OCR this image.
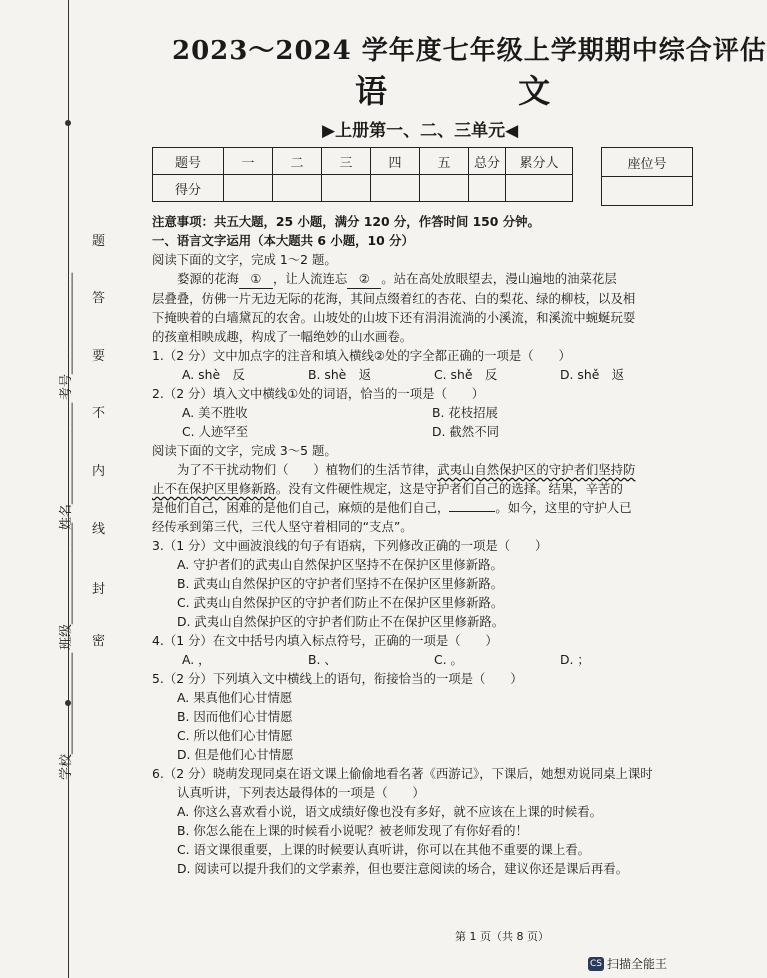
学校______________
班级______________
姓名______________
考号______________
密
封
线
内
不
要
答
题
2023～2024 学年度七年级上学期期中综合评估
语 文
▶上册第一、二、三单元◀
题号	一	二	三	四	五	总分	累分人
得分							
座位号

注意事项：共五大题，25 小题，满分 120 分，作答时间 150 分钟。

一、语言文字运用（本大题共 6 小题，10 分）

阅读下面的文字，完成 1～2 题。

婺源的花海 ① ，让人流连忘 ② 。站在高处放眼望去，漫山遍地的油菜花层

层叠叠，仿佛一片无边无际的花海，其间点缀着红的杏花、白的梨花、绿的柳枝，以及相

下掩映着的白墙黛瓦的农舍。山坡处的山坡下还有涓涓流淌的小溪流，和溪流中蜿蜒玩耍

的孩童相映成趣，构成了一幅绝妙的山水画卷。

1.（2 分）文中加点字的注音和填入横线②处的字全都正确的一项是（　　）

A. shè　反	B. shè　返	C. shě　反	D. shě　返

2.（2 分）填入文中横线①处的词语，恰当的一项是（　　）

A. 美不胜收	B. 花枝招展
C. 人迹罕至	D. 截然不同

阅读下面的文字，完成 3～5 题。

为了不干扰动物们（　　）植物们的生活节律，武夷山自然保护区的守护者们坚持防

止不在保护区里修新路。没有文件硬性规定，这是守护者们自己的选择。结果，辛苦的

是他们自己，困难的是他们自己，麻烦的是他们自己，	。如今，这里的守护人已

经传承到第三代，三代人坚守着相同的“支点”。

3.（1 分）文中画波浪线的句子有语病，下列修改正确的一项是（　　）

A. 守护者们的武夷山自然保护区坚持不在保护区里修新路。

B. 武夷山自然保护区的守护者们坚持不在保护区里修新路。

C. 武夷山自然保护区的守护者们防止不在保护区里修新路。

D. 武夷山自然保护区的守护者们防止不在保护区里修新路。

4.（1 分）在文中括号内填入标点符号，正确的一项是（　　）

A. ，	B. 、	C. 。	D. ；

5.（2 分）下列填入文中横线上的语句，衔接恰当的一项是（　　）

A. 果真他们心甘情愿

B. 因而他们心甘情愿

C. 所以他们心甘情愿

D. 但是他们心甘情愿

6.（2 分）晓萌发现同桌在语文课上偷偷地看名著《西游记》，下课后，她想劝说同桌上课时

认真听讲，下列表达最得体的一项是（　　）

A. 你这么喜欢看小说，语文成绩好像也没有多好，就不应该在上课的时候看。

B. 你怎么能在上课的时候看小说呢？被老师发现了有你好看的！

C. 语文课很重要，上课的时候要认真听讲，你可以在其他不重要的课上看。

D. 阅读可以提升我们的文学素养，但也要注意阅读的场合，建议你还是课后再看。

第 1 页（共 8 页）
CS 扫描全能王
